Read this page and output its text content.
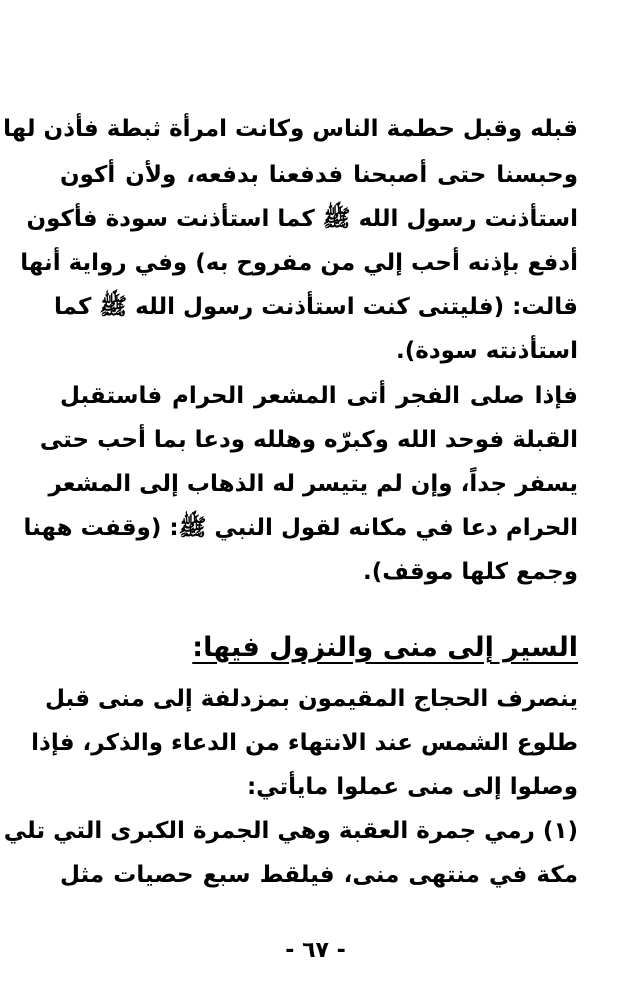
قبله وقبل حطمة الناس وكانت امرأة ثبطة فأذن لها
وحبسنا حتى أصبحنا فدفعنا بدفعه، ولأن أكون
استأذنت رسول الله ﷺ كما استأذنت سودة فأكون
أدفع بإذنه أحب إلي من مفروح به) وفي رواية أنها
قالت: (فليتنى كنت استأذنت رسول الله ﷺ كما
استأذنته سودة).
فإذا صلى الفجر أتى المشعر الحرام فاستقبل
القبلة فوحد الله وكبرّه وهلله ودعا بما أحب حتى
يسفر جداً، وإن لم يتيسر له الذهاب إلى المشعر
الحرام دعا في مكانه لقول النبي ﷺ: (وقفت ههنا
وجمع كلها موقف).
السير إلى منى والنزول فيها:
ينصرف الحجاج المقيمون بمزدلفة إلى منى قبل
طلوع الشمس عند الانتهاء من الدعاء والذكر، فإذا
وصلوا إلى منى عملوا مايأتي:
(١) رمي جمرة العقبة وهي الجمرة الكبرى التي تلي
مكة في منتهى منى، فيلقط سبع حصيات مثل
- ٦٧ -
